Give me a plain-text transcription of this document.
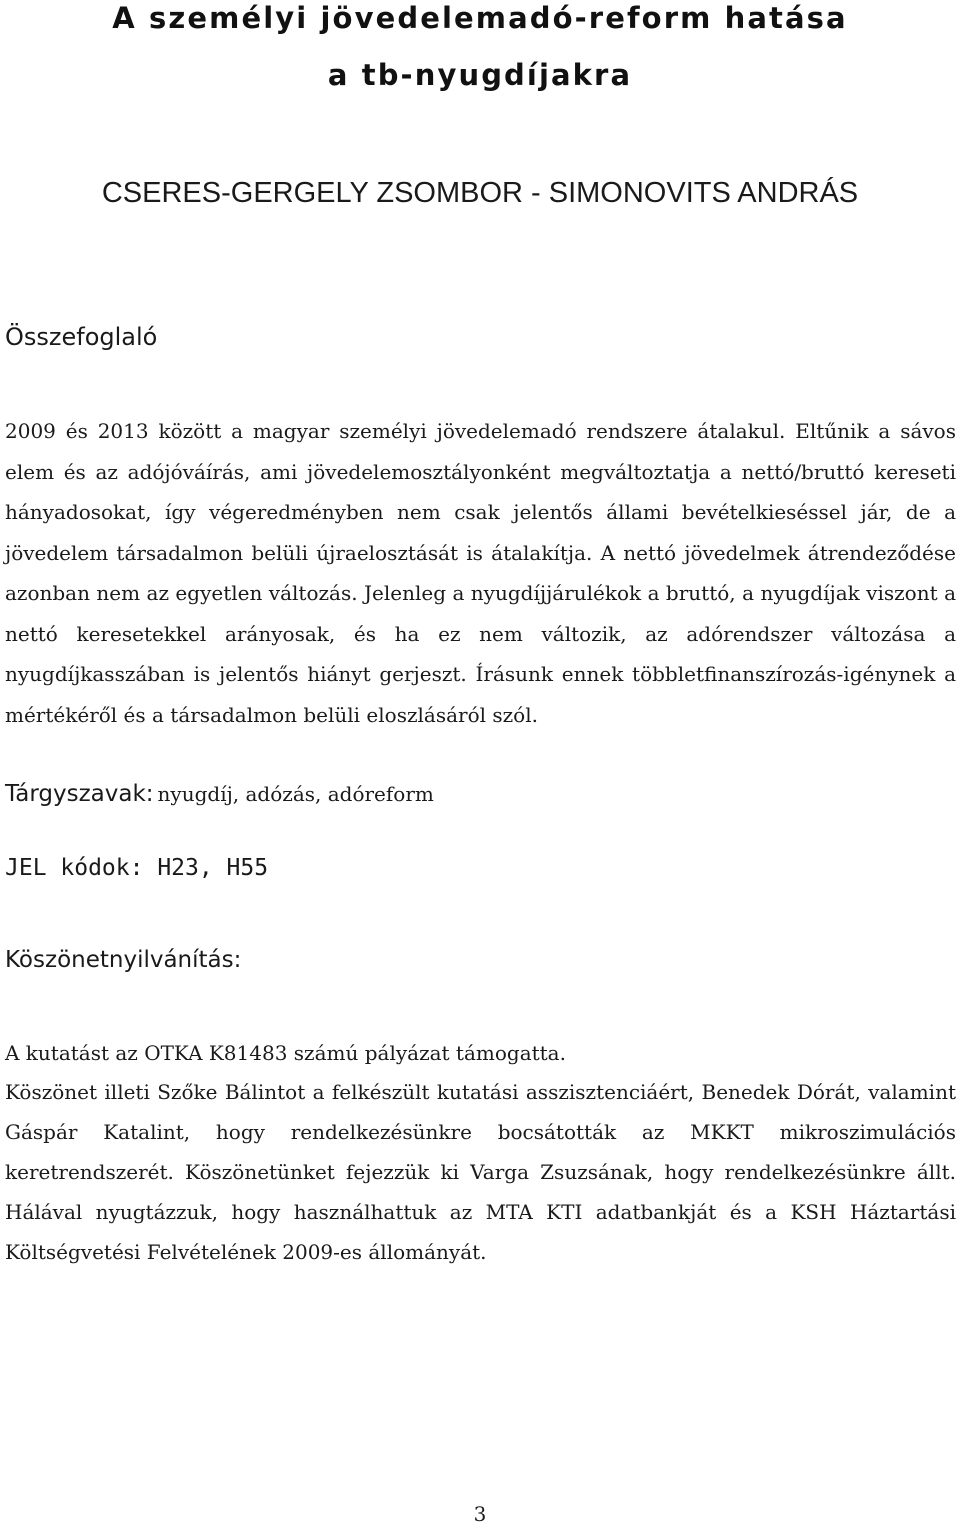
A személyi jövedelemadó-reform hatása
a tb-nyugdíjakra

CSERES-GERGELY ZSOMBOR - SIMONOVITS ANDRÁS

Összefoglaló

2009 és 2013 között a magyar személyi jövedelemadó rendszere átalakul. Eltűnik a sávos elem és az adójóváírás, ami jövedelemosztályonként megváltoztatja a nettó/bruttó kereseti hányadosokat, így végeredményben nem csak jelentős állami bevételkieséssel jár, de a jövedelem társadalmon belüli újraelosztását is átalakítja. A nettó jövedelmek átrendeződése azonban nem az egyetlen változás. Jelenleg a nyugdíjjárulékok a bruttó, a nyugdíjak viszont a nettó keresetekkel arányosak, és ha ez nem változik, az adórendszer változása a nyugdíjkasszában is jelentős hiányt gerjeszt. Írásunk ennek többletfinanszírozás-igénynek a mértékéről és a társadalmon belüli eloszlásáról szól.

Tárgyszavak: nyugdíj, adózás, adóreform

JEL kódok: H23, H55

Köszönetnyilvánítás:

A kutatást az OTKA K81483 számú pályázat támogatta.

Köszönet illeti Szőke Bálintot a felkészült kutatási asszisztenciáért, Benedek Dórát, valamint Gáspár Katalint, hogy rendelkezésünkre bocsátották az MKKT mikroszimulációs keretrendszerét. Köszönetünket fejezzük ki Varga Zsuzsának, hogy rendelkezésünkre állt. Hálával nyugtázzuk, hogy használhattuk az MTA KTI adatbankját és a KSH Háztartási Költségvetési Felvételének 2009-es állományát.

3
